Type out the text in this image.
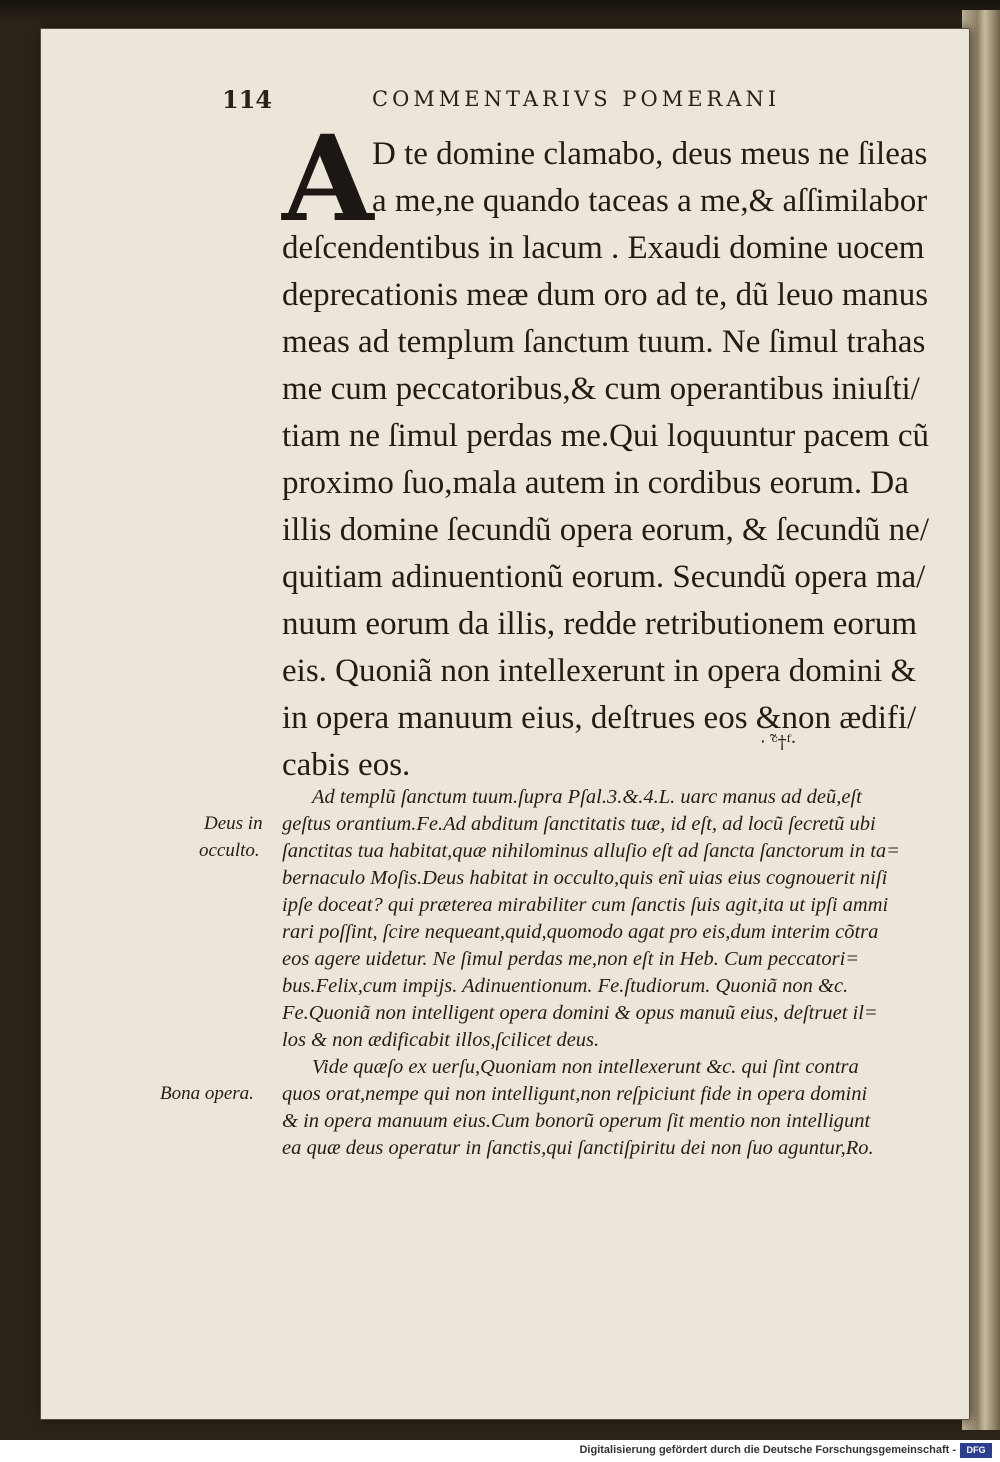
114	COMMENTARIVS POMERANI
A
D te domine clamabo, deus meus ne ſileas
a me,ne quando taceas a me,& aſſimilabor
deſcendentibus in lacum . Exaudi domine uocem
deprecationis meæ dum oro ad te, dũ leuo manus
meas ad templum ſanctum tuum. Ne ſimul trahas
me cum peccatoribus,& cum operantibus iniuſti/
tiam ne ſimul perdas me.Qui loquuntur pacem cũ
proximo ſuo,mala autem in cordibus eorum. Da
illis domine ſecundũ opera eorum, & ſecundũ ne/
quitiam adinuentionũ eorum. Secundũ opera ma/
nuum eorum da illis, redde retributionem eorum
eis. Quoniã non intellexerunt in opera domini &
in opera manuum eius, deſtrues eos &non ædifi/
cabis eos.
‧ ᶜ̃†ᶠ·
Ad templũ ſanctum tuum.ſupra Pſal.3.&.4.L. uarc manus ad deũ,eſt
geſtus orantium.Fe.Ad abditum ſanctitatis tuæ, id eſt, ad locũ ſecretũ ubi
ſanctitas tua habitat,quæ nihilominus alluſio eſt ad ſancta ſanctorum in ta=
bernaculo Moſis.Deus habitat in occulto,quis enĩ uias eius cognouerit niſi
ipſe doceat? qui præterea mirabiliter cum ſanctis ſuis agit,ita ut ipſi ammi
rari poſſint, ſcire nequeant,quid,quomodo agat pro eis,dum interim cõtra
eos agere uidetur. Ne ſimul perdas me,non eſt in Heb. Cum peccatori=
bus.Felix,cum impijs. Adinuentionum. Fe.ſtudiorum. Quoniã non &c.
Fe.Quoniã non intelligent opera domini & opus manuũ eius, deſtruet il=
los & non ædificabit illos,ſcilicet deus.
Vide quæſo ex uerſu,Quoniam non intellexerunt &c. qui ſint contra
quos orat,nempe qui non intelligunt,non reſpiciunt fide in opera domini
& in opera manuum eius.Cum bonorũ operum ſit mentio non intelligunt
ea quæ deus operatur in ſanctis,qui ſanctiſpiritu dei non ſuo aguntur,Ro.
Deus in
occulto.
Bona opera.
Digitalisierung gefördert durch die Deutsche Forschungsgemeinschaft -	DFG
